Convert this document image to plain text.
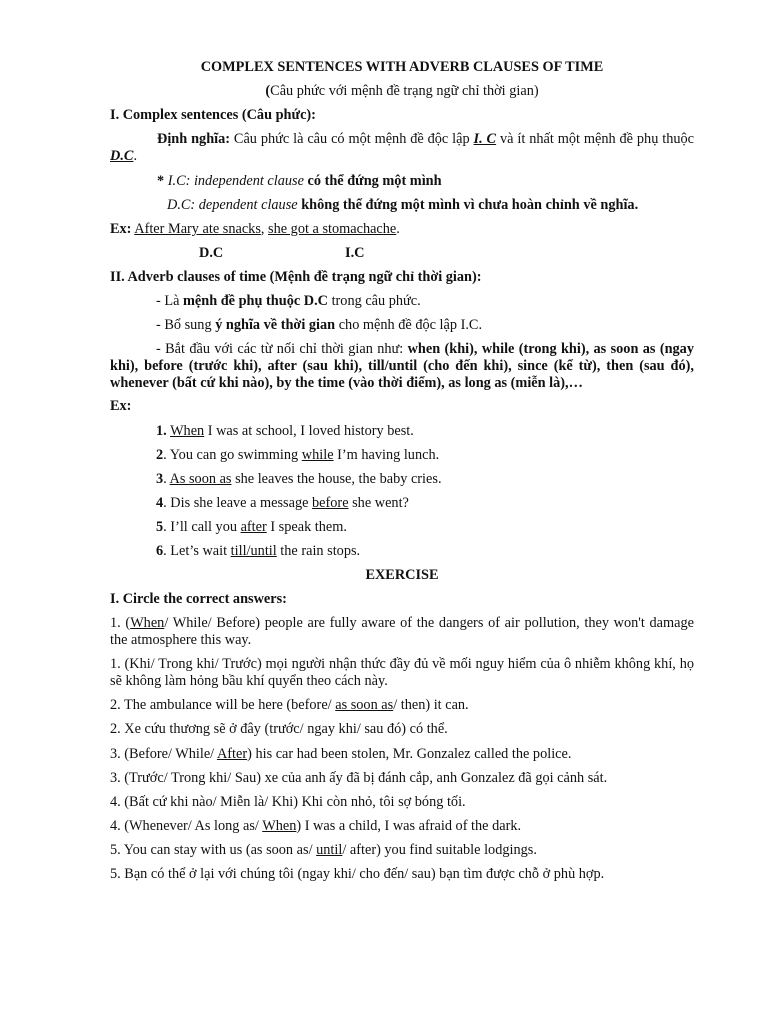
COMPLEX SENTENCES WITH ADVERB CLAUSES OF TIME
(Câu phức với mệnh đề trạng ngữ chỉ thời gian)
I. Complex sentences (Câu phức):
Định nghĩa: Câu phức là câu có một mệnh đề độc lập I. C và ít nhất một mệnh đề phụ thuộc D.C.
* I.C: independent clause có thể đứng một mình
D.C: dependent clause không thể đứng một mình vì chưa hoàn chỉnh về nghĩa.
Ex: After Mary ate snacks, she got a stomachache.
D.C	I.C
II. Adverb clauses of time (Mệnh đề trạng ngữ chỉ thời gian):
- Là mệnh đề phụ thuộc D.C trong câu phức.
- Bổ sung ý nghĩa về thời gian cho mệnh đề độc lập I.C.
- Bắt đầu với các từ nối chỉ thời gian như: when (khi), while (trong khi), as soon as (ngay khi), before (trước khi), after (sau khi), till/until (cho đến khi), since (kể từ), then (sau đó), whenever (bất cứ khi nào), by the time (vào thời điểm), as long as (miễn là),…
Ex:
1. When I was at school, I loved history best.
2. You can go swimming while I’m having lunch.
3. As soon as she leaves the house, the baby cries.
4. Dis she leave a message before she went?
5. I’ll call you after I speak them.
6. Let’s wait till/until the rain stops.
EXERCISE
I. Circle the correct answers:
1. (When/ While/ Before) people are fully aware of the dangers of air pollution, they won't damage the atmosphere this way.
1. (Khi/ Trong khi/ Trước) mọi người nhận thức đầy đủ về mối nguy hiểm của ô nhiễm không khí, họ sẽ không làm hỏng bầu khí quyển theo cách này.
2. The ambulance will be here (before/ as soon as/ then) it can.
2. Xe cứu thương sẽ ở đây (trước/ ngay khi/ sau đó) có thể.
3. (Before/ While/ After) his car had been stolen, Mr. Gonzalez called the police.
3. (Trước/ Trong khi/ Sau) xe của anh ấy đã bị đánh cắp, anh Gonzalez đã gọi cảnh sát.
4. (Bất cứ khi nào/ Miễn là/ Khi) Khi còn nhỏ, tôi sợ bóng tối.
4. (Whenever/ As long as/ When) I was a child, I was afraid of the dark.
5. You can stay with us (as soon as/ until/ after) you find suitable lodgings.
5. Bạn có thể ở lại với chúng tôi (ngay khi/ cho đến/ sau) bạn tìm được chỗ ở phù hợp.
